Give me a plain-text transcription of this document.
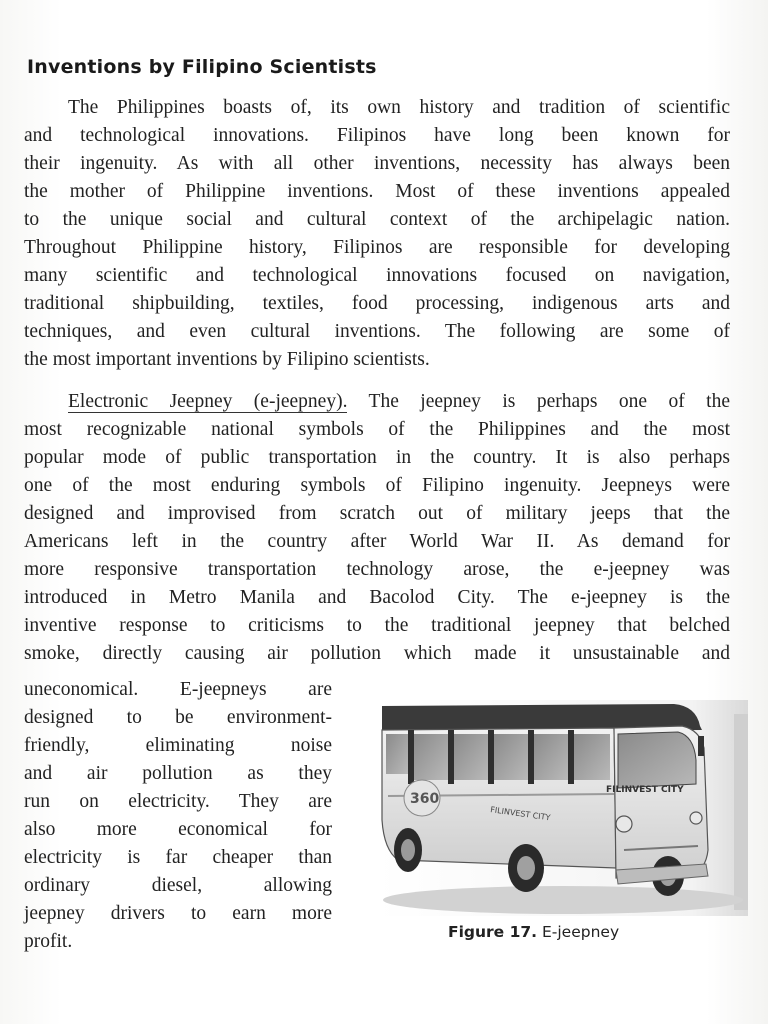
Inventions by Filipino Scientists
The Philippines boasts of, its own history and tradition of scientific
and technological innovations. Filipinos have long been known for
their ingenuity. As with all other inventions, necessity has always been
the mother of Philippine inventions. Most of these inventions appealed
to the unique social and cultural context of the archipelagic nation.
Throughout Philippine history, Filipinos are responsible for developing
many scientific and technological innovations focused on navigation,
traditional shipbuilding, textiles, food processing, indigenous arts and
techniques, and even cultural inventions. The following are some of
the most important inventions by Filipino scientists.
Electronic Jeepney (e-jeepney). The jeepney is perhaps one of the
most recognizable national symbols of the Philippines and the most
popular mode of public transportation in the country. It is also perhaps
one of the most enduring symbols of Filipino ingenuity. Jeepneys were
designed and improvised from scratch out of military jeeps that the
Americans left in the country after World War II. As demand for
more responsive transportation technology arose, the e-jeepney was
introduced in Metro Manila and Bacolod City. The e-jeepney is the
inventive response to criticisms to the traditional jeepney that belched
smoke, directly causing air pollution which made it unsustainable and
uneconomical. E-jeepneys are
designed to be environment-
friendly, eliminating noise
and air pollution as they
run on electricity. They are
also more economical for
electricity is far cheaper than
ordinary diesel, allowing
jeepney drivers to earn more
profit.
360
FILINVEST CITY
FILINVEST CITY
Figure 17. E-jeepney
